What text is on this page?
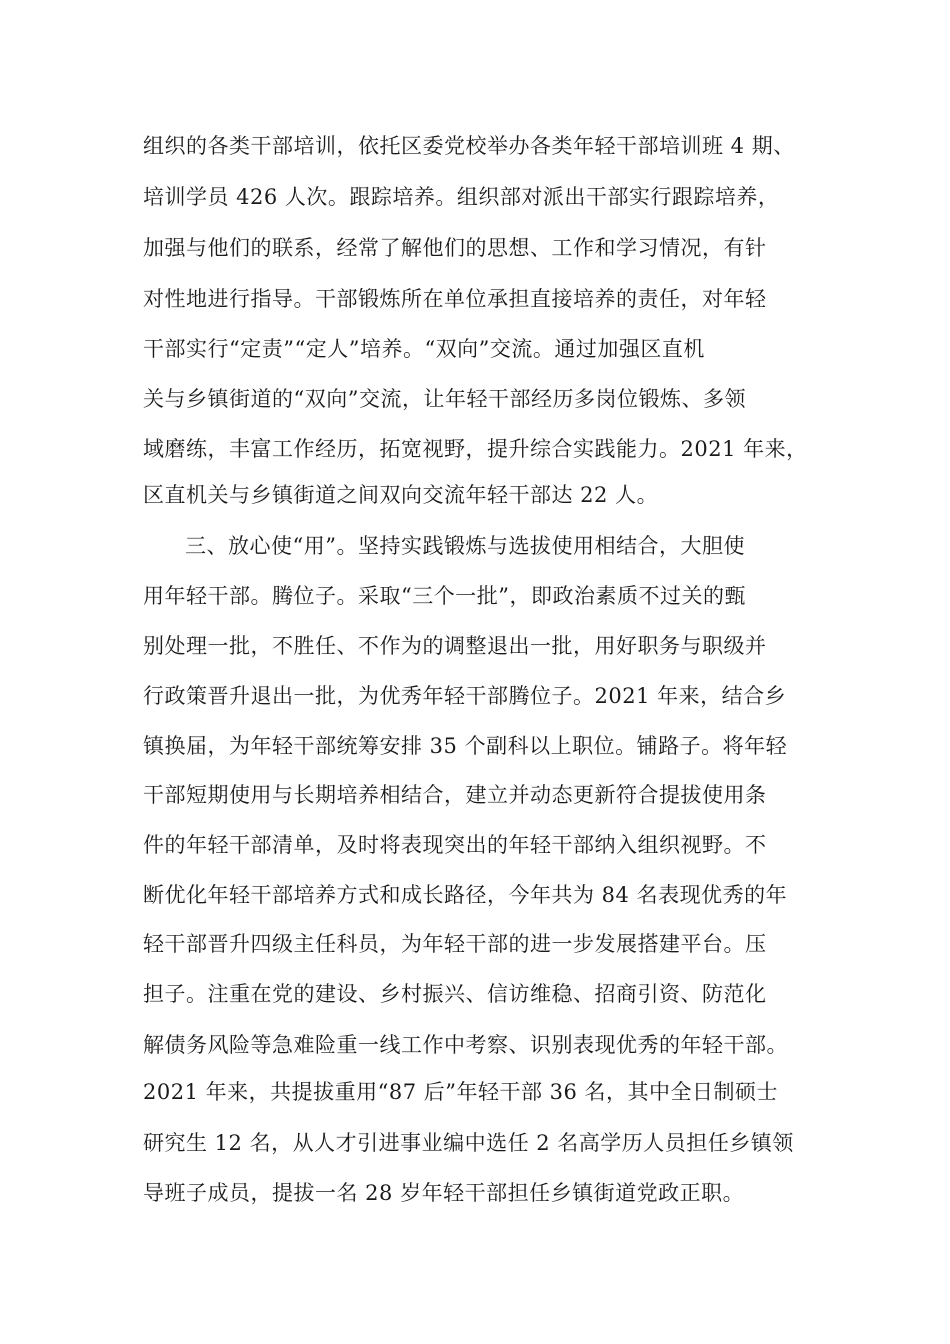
组织的各类干部培训，依托区委党校举办各类年轻干部培训班 4 期、

培训学员 426 人次。跟踪培养。组织部对派出干部实行跟踪培养，

加强与他们的联系，经常了解他们的思想、工作和学习情况，有针

对性地进行指导。干部锻炼所在单位承担直接培养的责任，对年轻

干部实行“定责”“定人”培养。“双向”交流。通过加强区直机

关与乡镇街道的“双向”交流，让年轻干部经历多岗位锻炼、多领

域磨练，丰富工作经历，拓宽视野，提升综合实践能力。2021 年来，

区直机关与乡镇街道之间双向交流年轻干部达 22 人。

三、放心使“用”。坚持实践锻炼与选拔使用相结合，大胆使

用年轻干部。腾位子。采取“三个一批”，即政治素质不过关的甄

别处理一批，不胜任、不作为的调整退出一批，用好职务与职级并

行政策晋升退出一批，为优秀年轻干部腾位子。2021 年来，结合乡

镇换届，为年轻干部统筹安排 35 个副科以上职位。铺路子。将年轻

干部短期使用与长期培养相结合，建立并动态更新符合提拔使用条

件的年轻干部清单，及时将表现突出的年轻干部纳入组织视野。不

断优化年轻干部培养方式和成长路径，今年共为 84 名表现优秀的年

轻干部晋升四级主任科员，为年轻干部的进一步发展搭建平台。压

担子。注重在党的建设、乡村振兴、信访维稳、招商引资、防范化

解债务风险等急难险重一线工作中考察、识别表现优秀的年轻干部。

2021 年来，共提拔重用“87 后”年轻干部 36 名，其中全日制硕士

研究生 12 名，从人才引进事业编中选任 2 名高学历人员担任乡镇领

导班子成员，提拔一名 28 岁年轻干部担任乡镇街道党政正职。
